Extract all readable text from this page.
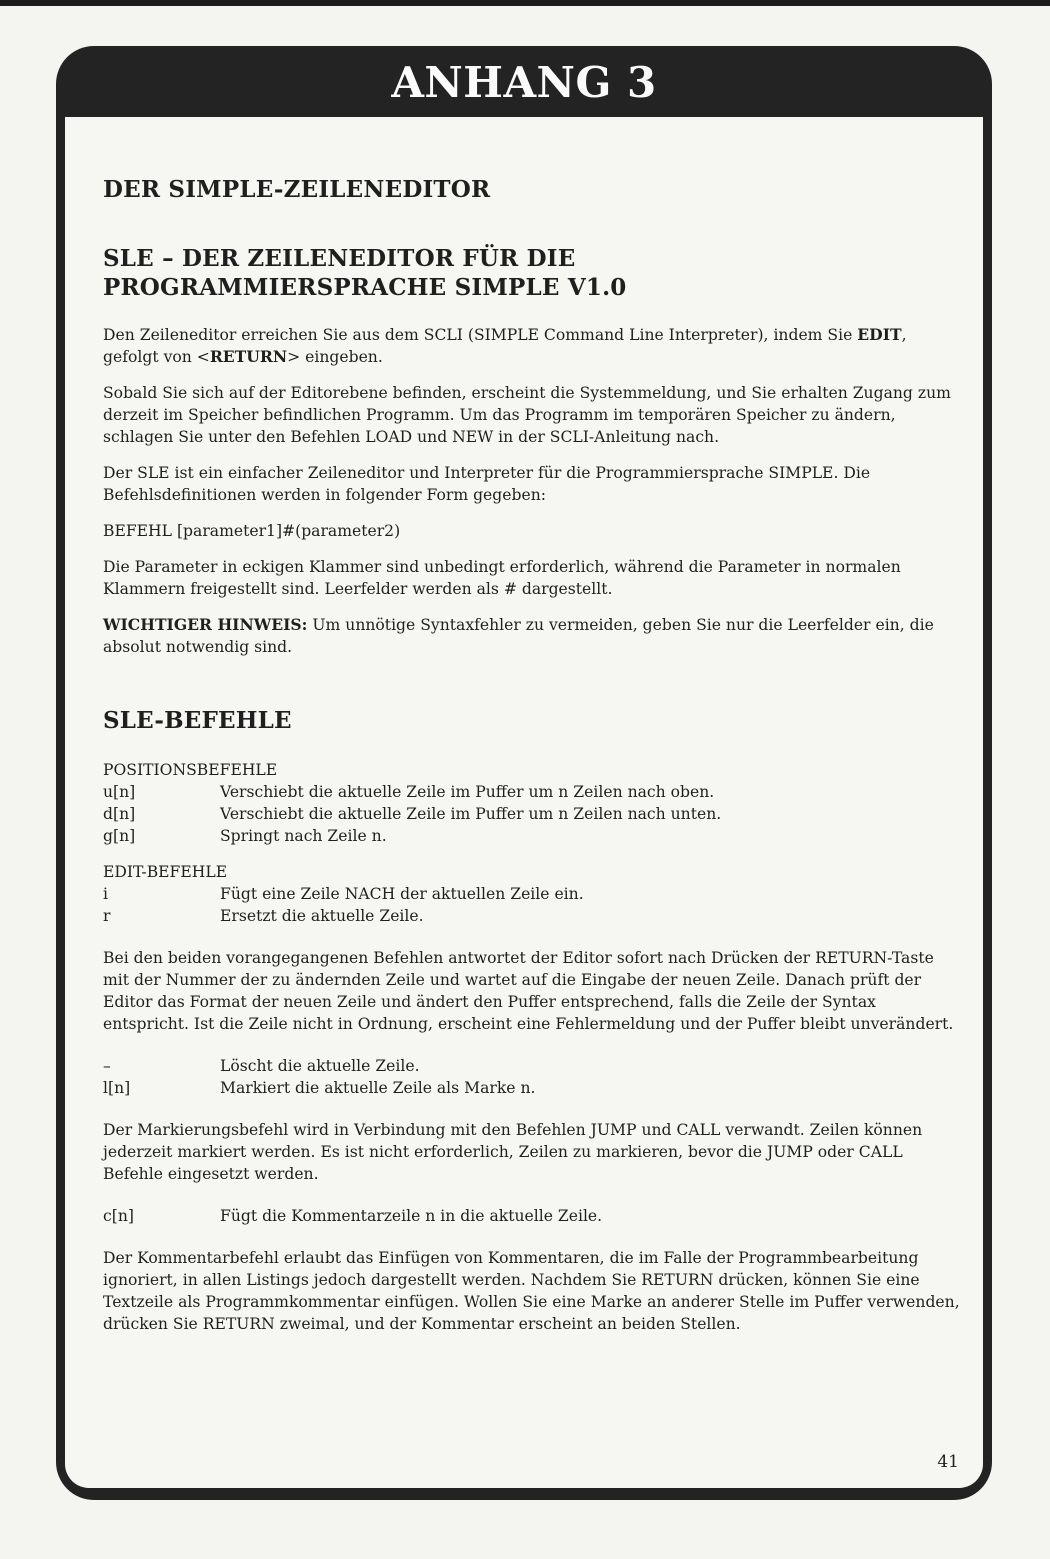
ANHANG 3
DER SIMPLE-ZEILENEDITOR
SLE – DER ZEILENEDITOR FÜR DIE
PROGRAMMIERSPRACHE SIMPLE V1.0

Den Zeileneditor erreichen Sie aus dem SCLI (SIMPLE Command Line Interpreter), indem Sie EDIT, gefolgt von <RETURN> eingeben.

Sobald Sie sich auf der Editorebene befinden, erscheint die Systemmeldung, und Sie erhalten Zugang zum derzeit im Speicher befindlichen Programm. Um das Programm im temporären Speicher zu ändern, schlagen Sie unter den Befehlen LOAD und NEW in der SCLI-Anleitung nach.

Der SLE ist ein einfacher Zeileneditor und Interpreter für die Programmiersprache SIMPLE. Die Befehlsdefinitionen werden in folgender Form gegeben:

BEFEHL [parameter1]#(parameter2)

Die Parameter in eckigen Klammer sind unbedingt erforderlich, während die Parameter in normalen Klammern freigestellt sind. Leerfelder werden als # dargestellt.

WICHTIGER HINWEIS: Um unnötige Syntaxfehler zu vermeiden, geben Sie nur die Leerfelder ein, die absolut notwendig sind.

SLE-BEFEHLE

POSITIONSBEFEHLE

u[n]	Verschiebt die aktuelle Zeile im Puffer um n Zeilen nach oben.
d[n]	Verschiebt die aktuelle Zeile im Puffer um n Zeilen nach unten.
g[n]	Springt nach Zeile n.

EDIT-BEFEHLE

i	Fügt eine Zeile NACH der aktuellen Zeile ein.
r	Ersetzt die aktuelle Zeile.

Bei den beiden vorangegangenen Befehlen antwortet der Editor sofort nach Drücken der RETURN-Taste mit der Nummer der zu ändernden Zeile und wartet auf die Eingabe der neuen Zeile. Danach prüft der Editor das Format der neuen Zeile und ändert den Puffer entsprechend, falls die Zeile der Syntax entspricht. Ist die Zeile nicht in Ordnung, erscheint eine Fehlermeldung und der Puffer bleibt unverändert.

–	Löscht die aktuelle Zeile.
l[n]	Markiert die aktuelle Zeile als Marke n.

Der Markierungsbefehl wird in Verbindung mit den Befehlen JUMP und CALL verwandt. Zeilen können jederzeit markiert werden. Es ist nicht erforderlich, Zeilen zu markieren, bevor die JUMP oder CALL Befehle eingesetzt werden.

c[n]	Fügt die Kommentarzeile n in die aktuelle Zeile.

Der Kommentarbefehl erlaubt das Einfügen von Kommentaren, die im Falle der Programmbearbeitung ignoriert, in allen Listings jedoch dargestellt werden. Nachdem Sie RETURN drücken, können Sie eine Textzeile als Programmkommentar einfügen. Wollen Sie eine Marke an anderer Stelle im Puffer verwenden, drücken Sie RETURN zweimal, und der Kommentar erscheint an beiden Stellen.

41
